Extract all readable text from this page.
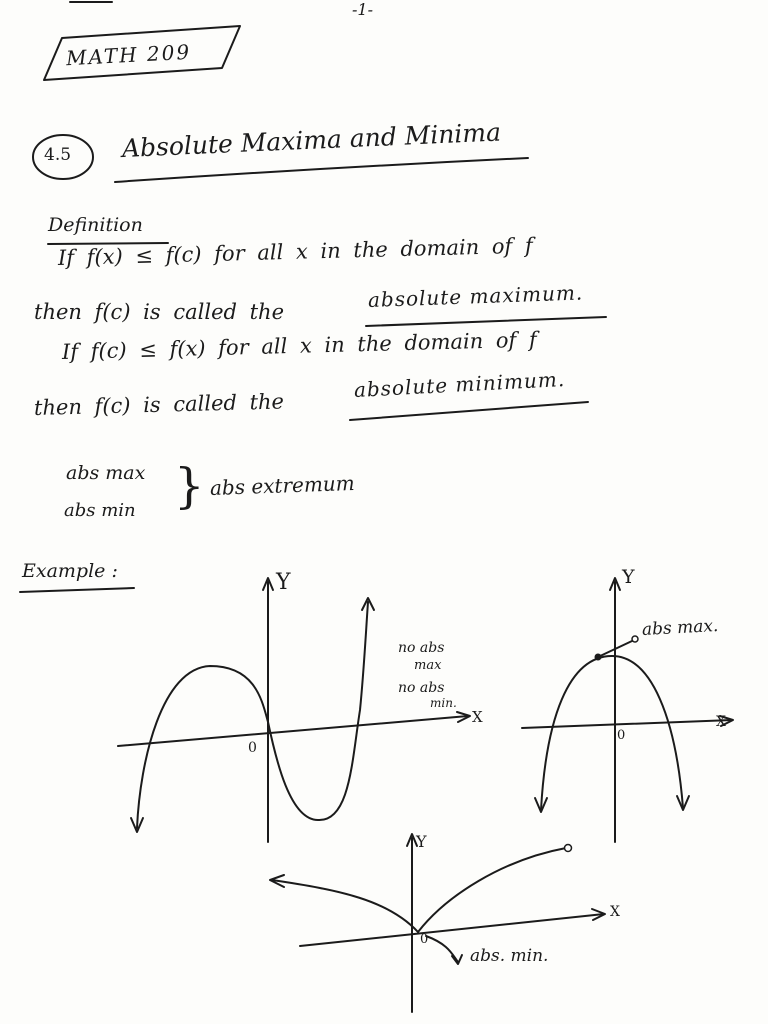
-1-
MATH 209
4.5 Absolute Maxima and Minima
Definition
If f(x) ≤ f(c) for all x in the domain of f
then f(c) is called the
absolute maximum.
If f(c) ≤ f(x) for all x in the domain of f
then f(c) is called the
absolute minimum.
abs max
abs min } abs extremum
Example :	Y
X
0
no abs
max
no abs
min.
Y
X
0
abs max.
Y
X
0
abs. min.
